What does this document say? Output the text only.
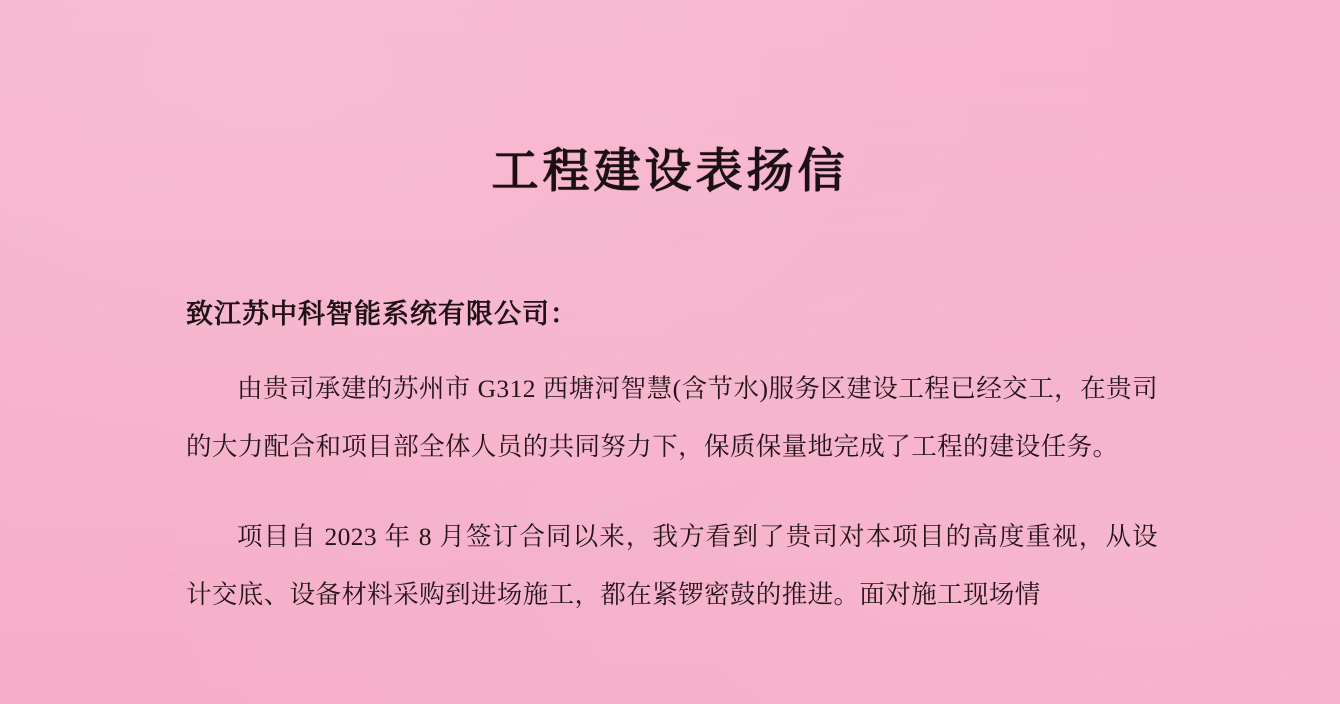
工程建设表扬信

致江苏中科智能系统有限公司：

由贵司承建的苏州市 G312 西塘河智慧(含节水)服务区建设工程已经交工，在贵司的大力配合和项目部全体人员的共同努力下，保质保量地完成了工程的建设任务。

项目自 2023 年 8 月签订合同以来，我方看到了贵司对本项目的高度重视，从设计交底、设备材料采购到进场施工，都在紧锣密鼓的推进。面对施工现场情
